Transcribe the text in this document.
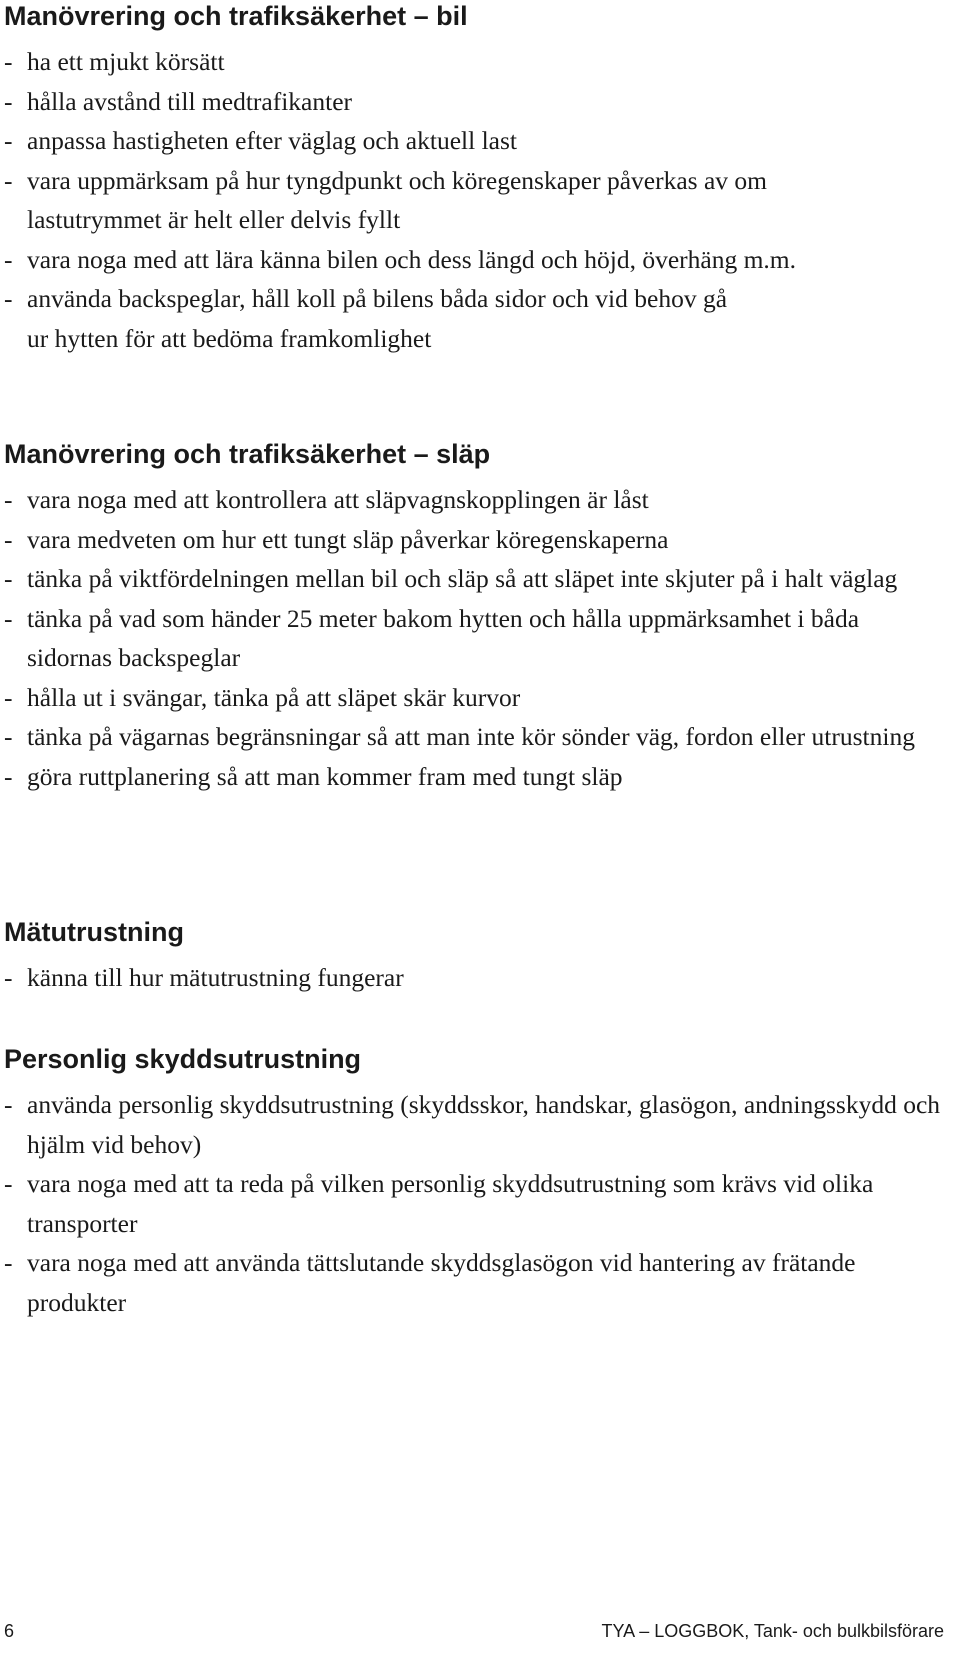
Manövrering och trafiksäkerhet – bil
- ha ett mjukt körsätt
- hålla avstånd till medtrafikanter
- anpassa hastigheten efter väglag och aktuell last
- vara uppmärksam på hur tyngdpunkt och köregenskaper påverkas av om lastutrymmet är helt eller delvis fyllt
- vara noga med att lära känna bilen och dess längd och höjd, överhäng m.m.
- använda backspeglar, håll koll på bilens båda sidor och vid behov gå ur hytten för att bedöma framkomlighet
Manövrering och trafiksäkerhet – släp
- vara noga med att kontrollera att släpvagnskopplingen är låst
- vara medveten om hur ett tungt släp påverkar köregenskaperna
- tänka på viktfördelningen mellan bil och släp så att släpet inte skjuter på i halt väglag
- tänka på vad som händer 25 meter bakom hytten och hålla uppmärksamhet i båda sidornas backspeglar
- hålla ut i svängar, tänka på att släpet skär kurvor
- tänka på vägarnas begränsningar så att man inte kör sönder väg, fordon eller utrustning
- göra ruttplanering så att man kommer fram med tungt släp
Mätutrustning
- känna till hur mätutrustning fungerar
Personlig skyddsutrustning
- använda personlig skyddsutrustning (skyddsskor, handskar, glasögon, andningsskydd och hjälm vid behov)
- vara noga med att ta reda på vilken personlig skyddsutrustning som krävs vid olika transporter
- vara noga med att använda tättslutande skyddsglasögon vid hantering av frätande produkter
6	TYA – LOGGBOK, Tank- och bulkbilsförare
